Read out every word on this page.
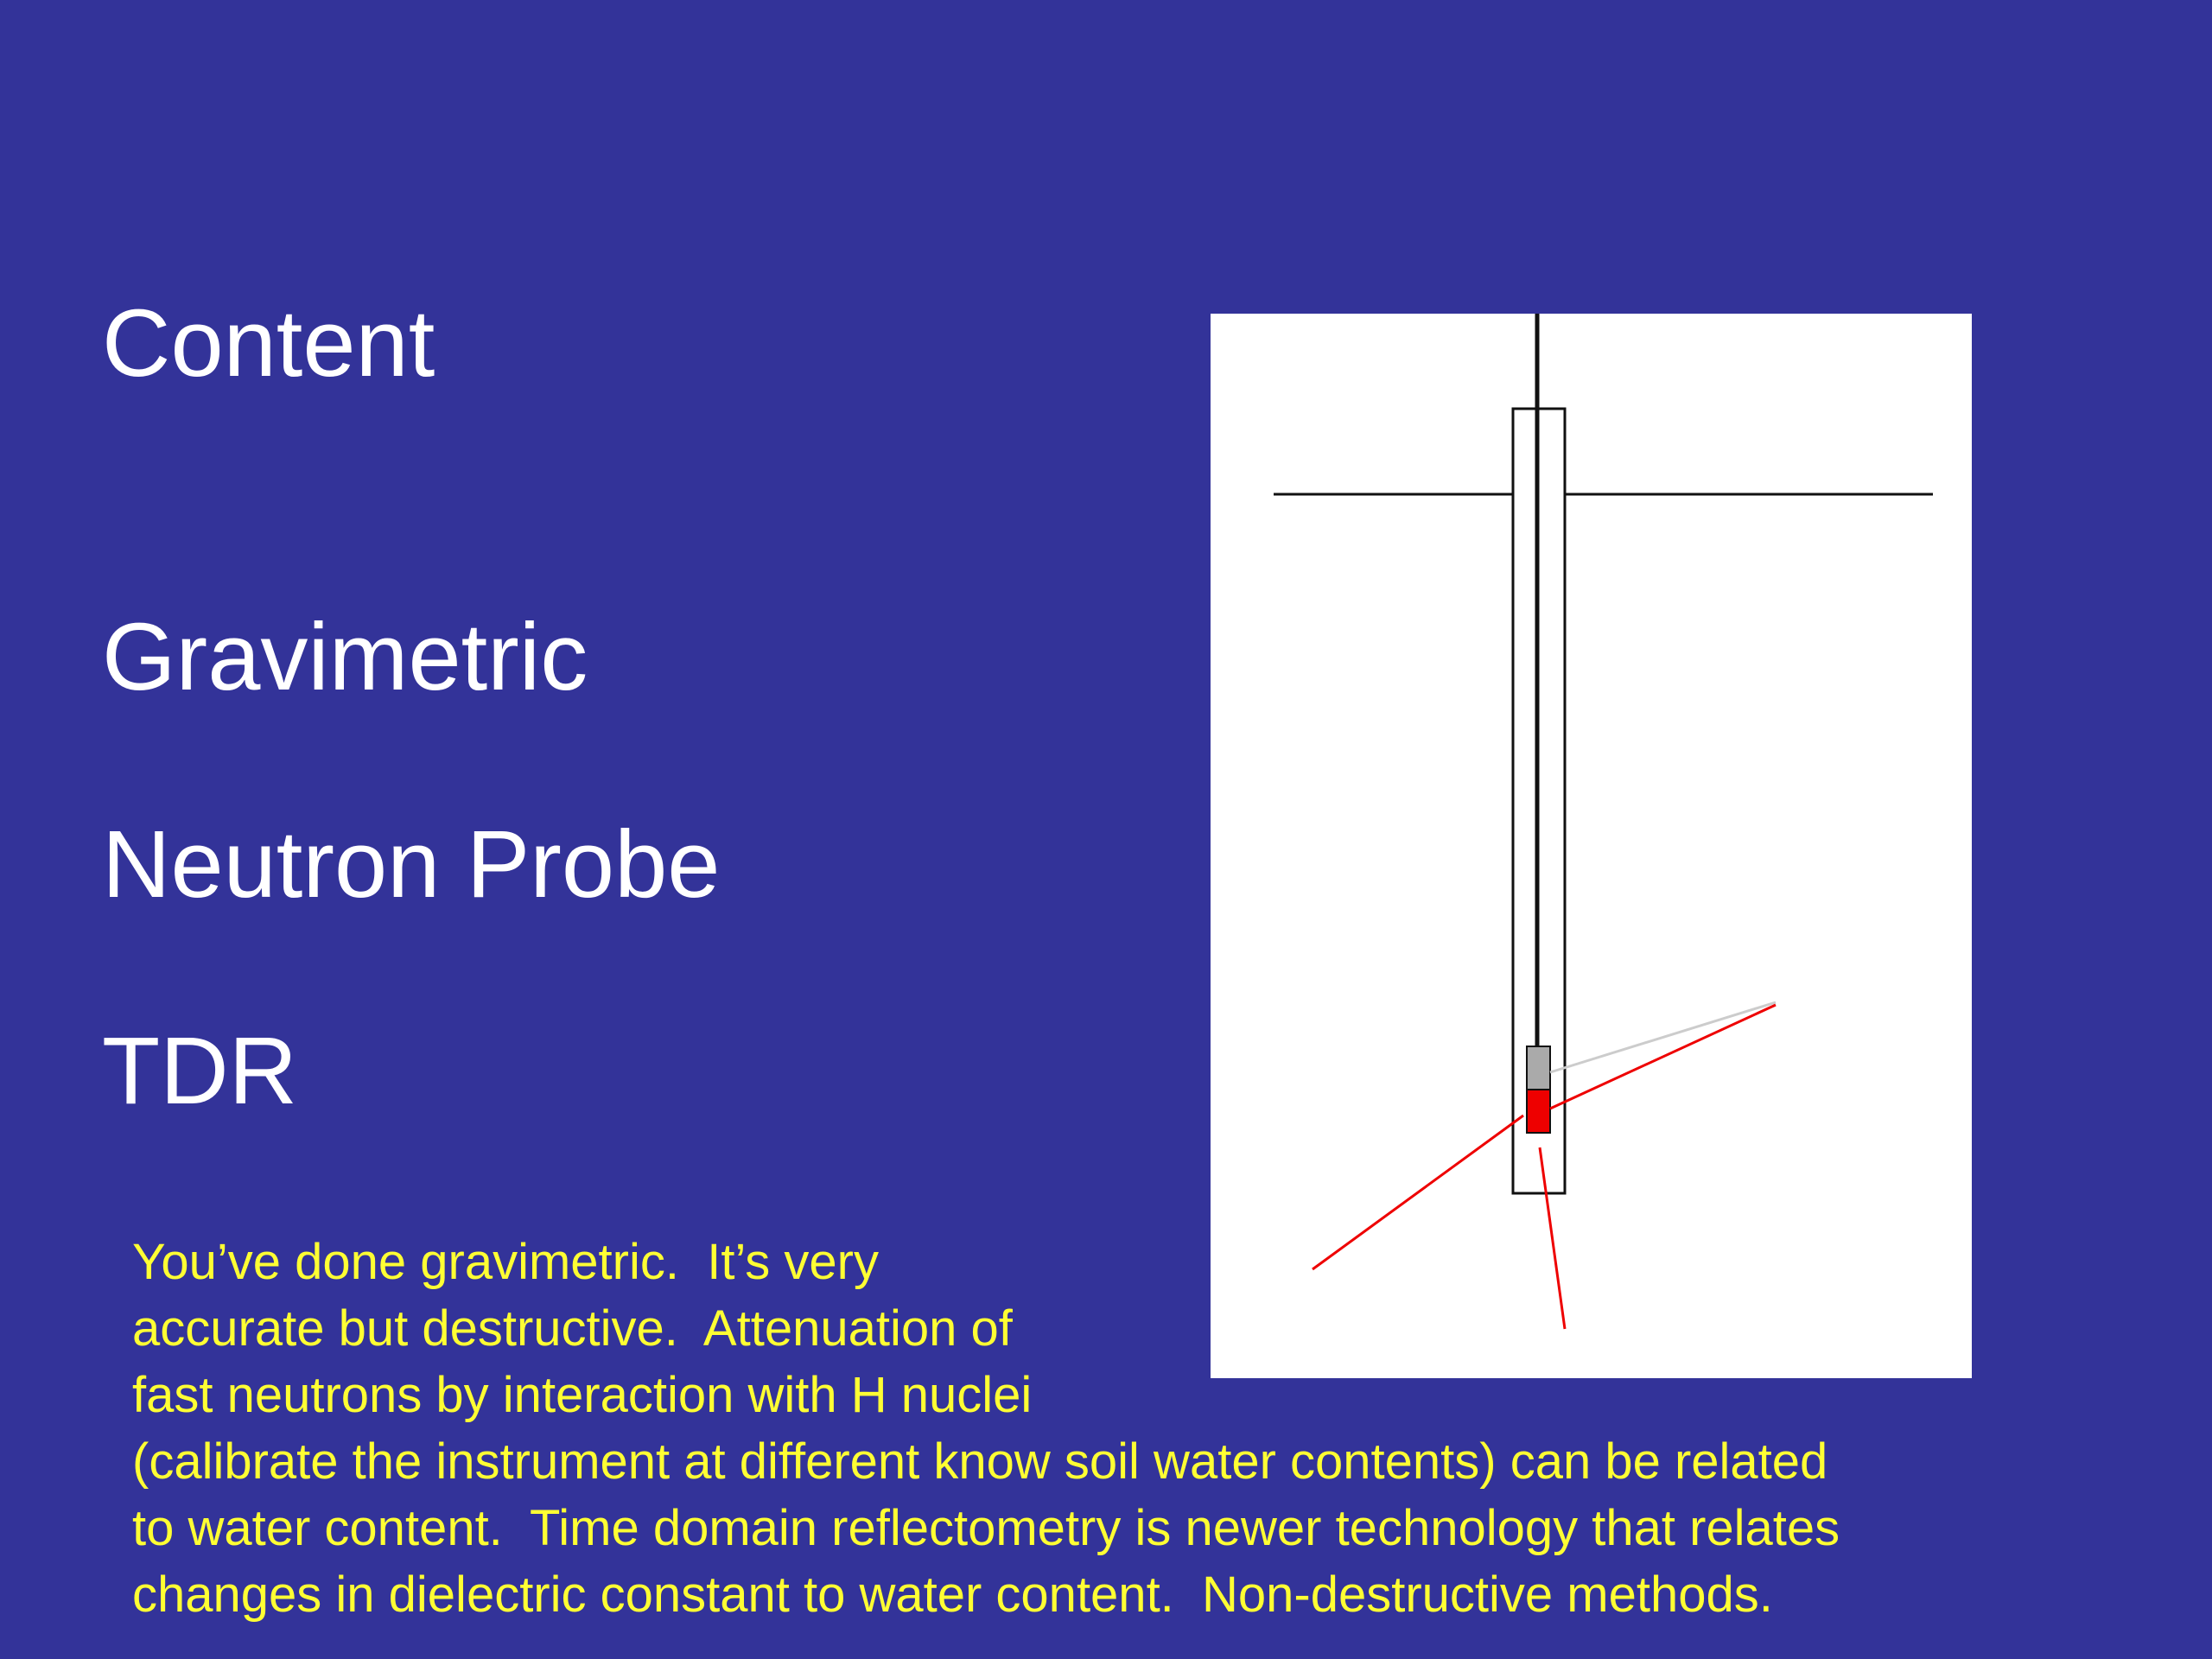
Content
Gravimetric
Neutron Probe
TDR

You’ve done gravimetric.  It’s very
accurate but destructive.  Attenuation of
fast neutrons by interaction with H nuclei
(calibrate the instrument at different know soil water contents) can be related
to water content.  Time domain reflectometry is newer technology that relates
changes in dielectric constant to water content.  Non-destructive methods.
